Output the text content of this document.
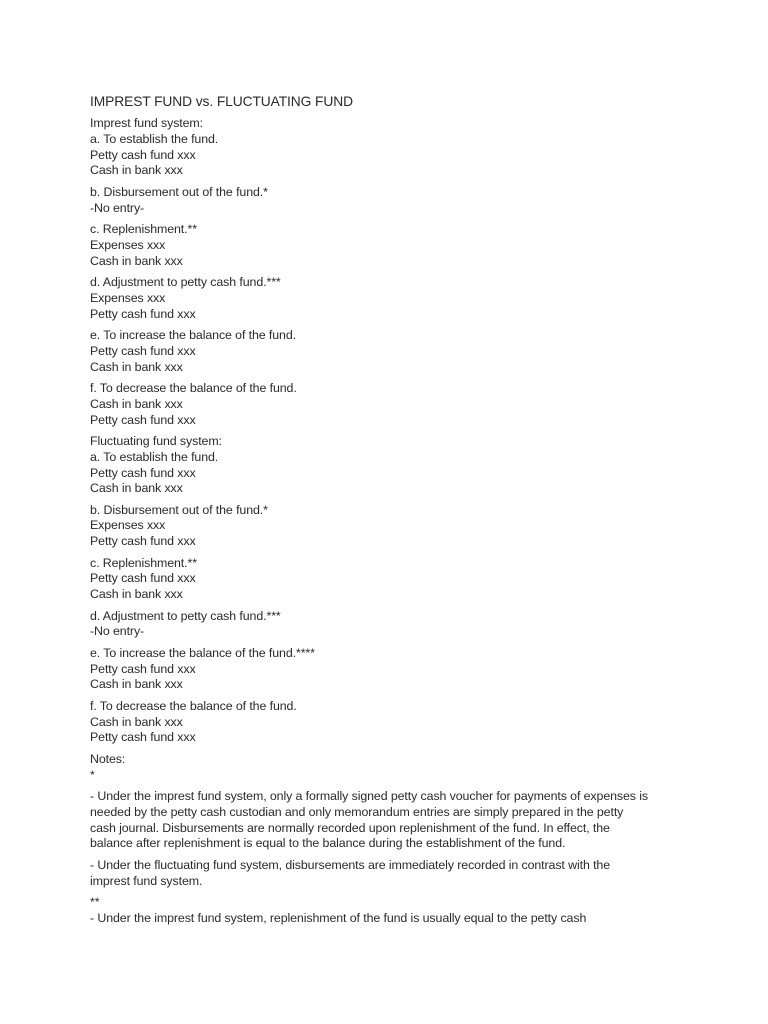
IMPREST FUND vs. FLUCTUATING FUND
Imprest fund system:
a. To establish the fund.
Petty cash fund xxx
Cash in bank xxx
b. Disbursement out of the fund.*
-No entry-
c. Replenishment.**
Expenses xxx
Cash in bank xxx
d. Adjustment to petty cash fund.***
Expenses xxx
Petty cash fund xxx
e. To increase the balance of the fund.
Petty cash fund xxx
Cash in bank xxx
f. To decrease the balance of the fund.
Cash in bank xxx
Petty cash fund xxx
Fluctuating fund system:
a. To establish the fund.
Petty cash fund xxx
Cash in bank xxx
b. Disbursement out of the fund.*
Expenses xxx
Petty cash fund xxx
c. Replenishment.**
Petty cash fund xxx
Cash in bank xxx
d. Adjustment to petty cash fund.***
-No entry-
e. To increase the balance of the fund.****
Petty cash fund xxx
Cash in bank xxx
f. To decrease the balance of the fund.
Cash in bank xxx
Petty cash fund xxx
Notes:
*
- Under the imprest fund system, only a formally signed petty cash voucher for payments of expenses is needed by the petty cash custodian and only memorandum entries are simply prepared in the petty cash journal. Disbursements are normally recorded upon replenishment of the fund. In effect, the balance after replenishment is equal to the balance during the establishment of the fund.
- Under the fluctuating fund system, disbursements are immediately recorded in contrast with the imprest fund system.
**
- Under the imprest fund system, replenishment of the fund is usually equal to the petty cash
